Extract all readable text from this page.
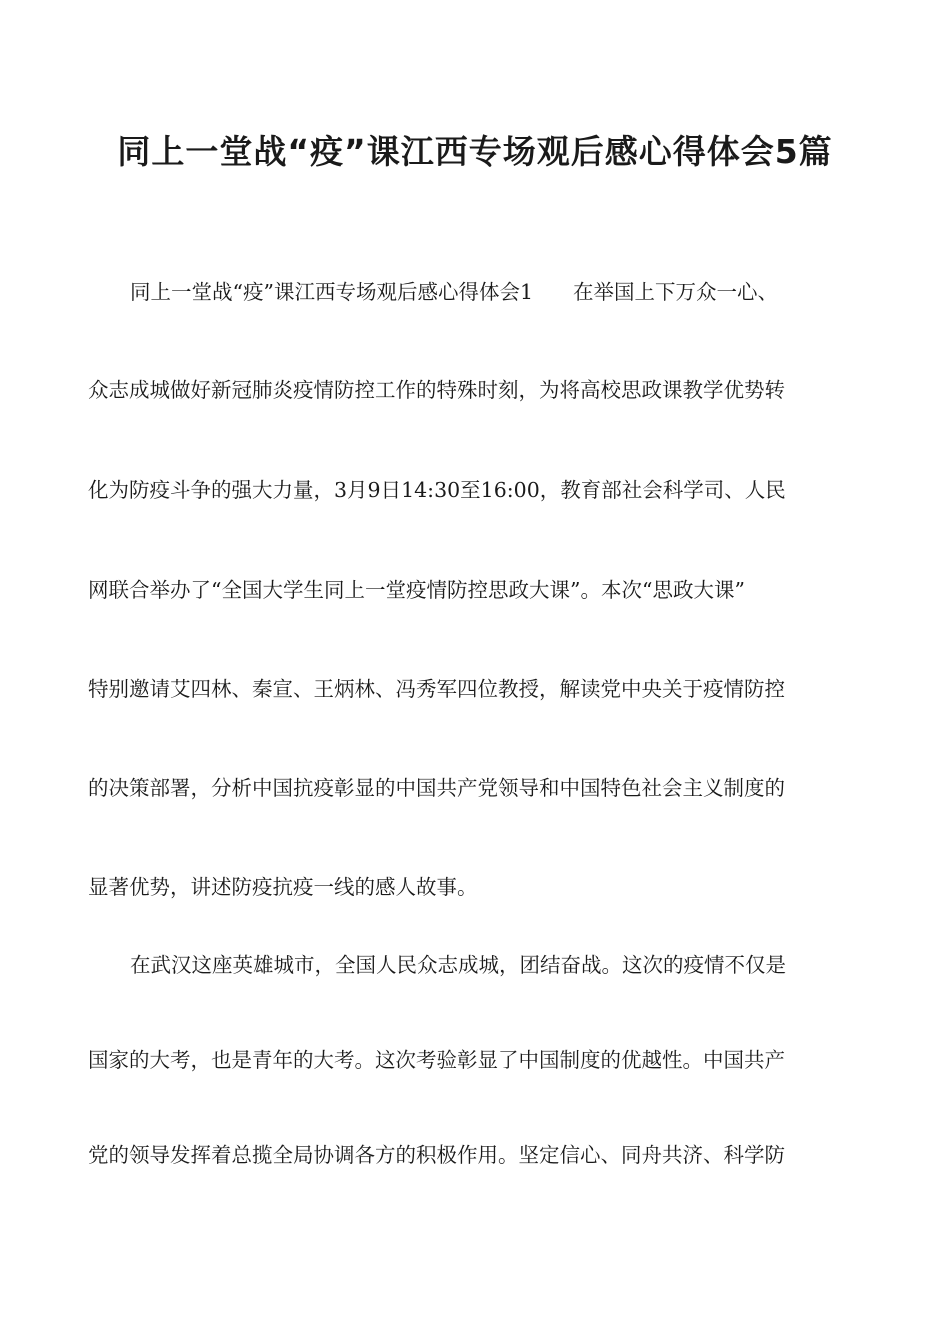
同上一堂战“疫”课江西专场观后感心得体会5篇
同上一堂战“疫”课江西专场观后感心得体会1 在举国上下万众一心、
众志成城做好新冠肺炎疫情防控工作的特殊时刻，为将高校思政课教学优势转
化为防疫斗争的强大力量，3月9日14:30至16:00，教育部社会科学司、人民
网联合举办了“全国大学生同上一堂疫情防控思政大课”。本次“思政大课”
特别邀请艾四林、秦宣、王炳林、冯秀军四位教授，解读党中央关于疫情防控
的决策部署，分析中国抗疫彰显的中国共产党领导和中国特色社会主义制度的
显著优势，讲述防疫抗疫一线的感人故事。
在武汉这座英雄城市，全国人民众志成城，团结奋战。这次的疫情不仅是
国家的大考，也是青年的大考。这次考验彰显了中国制度的优越性。中国共产
党的领导发挥着总揽全局协调各方的积极作用。坚定信心、同舟共济、科学防
